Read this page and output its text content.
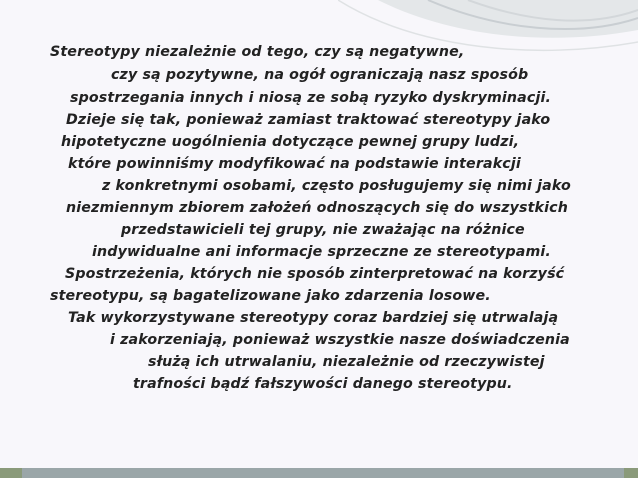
Stereotypy niezależnie od tego, czy są negatywne,
czy są pozytywne, na ogół ograniczają nasz sposób
spostrzegania innych i niosą ze sobą ryzyko dyskryminacji.
Dzieje się tak, ponieważ zamiast traktować stereotypy jako
hipotetyczne uogólnienia dotyczące pewnej grupy ludzi,
które powinniśmy modyfikować na podstawie interakcji
z konkretnymi osobami, często posługujemy się nimi jako
niezmiennym zbiorem założeń odnoszących się do wszystkich
przedstawicieli tej grupy, nie zważając na różnice
indywidualne ani informacje sprzeczne ze stereotypami.
Spostrzeżenia, których nie sposób zinterpretować na korzyść
stereotypu, są bagatelizowane jako zdarzenia losowe.
Tak wykorzystywane stereotypy coraz bardziej się utrwalają
i zakorzeniają, ponieważ wszystkie nasze doświadczenia
służą ich utrwalaniu, niezależnie od rzeczywistej
trafności bądź fałszywości danego stereotypu.
